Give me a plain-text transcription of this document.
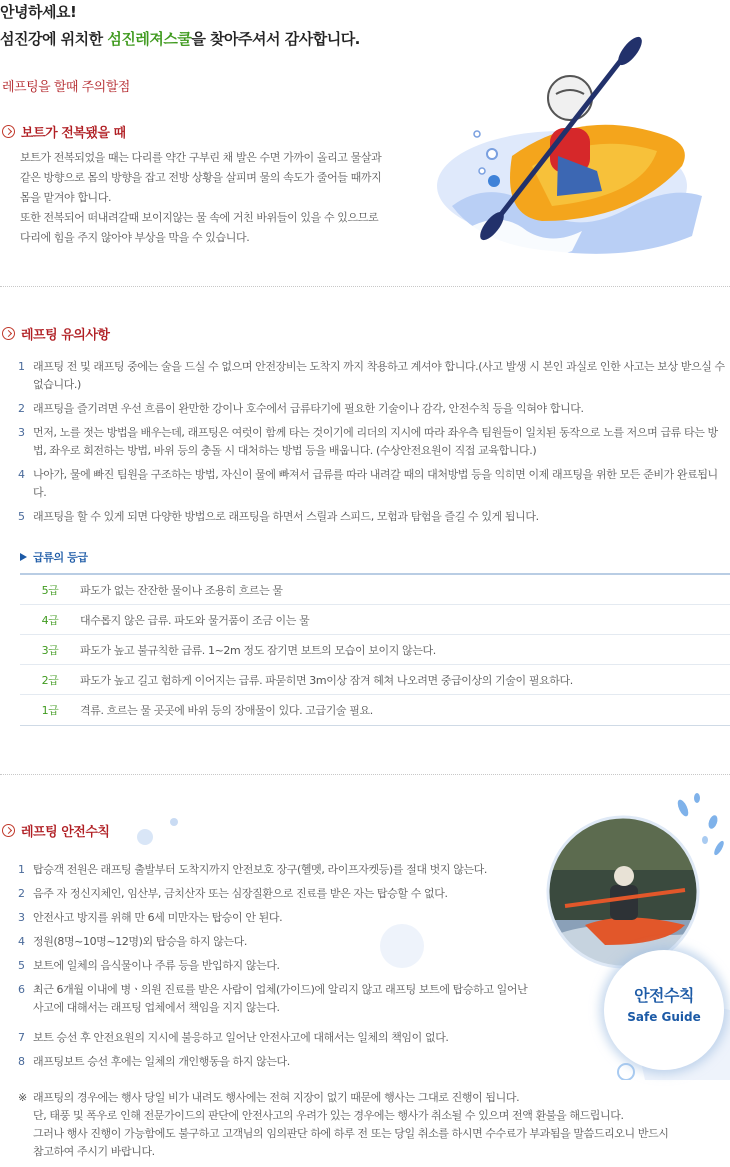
안녕하세요!
섬진강에 위치한 섬진레져스쿨을 찾아주셔서 감사합니다.
레프팅을 할때 주의할점
보트가 전복됐을 때

보트가 전복되었을 때는 다리를 약간 구부린 채 발은 수면 가까이 올리고 물살과

같은 방향으로 몸의 방향을 잡고 전방 상황을 살피며 물의 속도가 줄어들 때까지

몸을 맡겨야 합니다.

또한 전복되어 떠내려갈때 보이지않는 물 속에 거친 바위들이 있을 수 있으므로

다리에 힘을 주지 않아야 부상을 막을 수 있습니다.

레프팅 유의사항
1 래프팅 전 및 래프팅 중에는 술을 드실 수 없으며 안전장비는 도착지 까지 착용하고 계셔야 합니다.(사고 발생 시 본인 과실로 인한 사고는 보상 받으실 수 없습니다.)
2 래프팅을 즐기려면 우선 흐름이 완만한 강이나 호수에서 급류타기에 필요한 기술이나 감각, 안전수칙 등을 익혀야 합니다.
3 먼저, 노를 젓는 방법을 배우는데, 래프팅은 여럿이 함께 타는 것이기에 리더의 지시에 따라 좌우측 팀원들이 일치된 동작으로 노를 저으며 급류 타는 방법, 좌우로 회전하는 방법, 바위 등의 충돌 시 대처하는 방법 등을 배웁니다. (수상안전요원이 직접 교육합니다.)
4 나아가, 물에 빠진 팀원을 구조하는 방법, 자신이 물에 빠져서 급류를 따라 내려갈 때의 대처방법 등을 익히면 이제 래프팅을 위한 모든 준비가 완료됩니다.
5 래프팅을 할 수 있게 되면 다양한 방법으로 래프팅을 하면서 스릴과 스피드, 모험과 탐험을 즐길 수 있게 됩니다.
급류의 등급
5급	파도가 없는 잔잔한 물이나 조용히 흐르는 물
4급	대수롭지 않은 급류. 파도와 물거품이 조금 이는 물
3급	파도가 높고 불규칙한 급류. 1~2m 정도 잠기면 보트의 모습이 보이지 않는다.
2급	파도가 높고 길고 험하게 이어지는 급류. 파묻히면 3m이상 잠겨 헤쳐 나오려면 중급이상의 기술이 필요하다.
1급	격류. 흐르는 물 곳곳에 바위 등의 장애물이 있다. 고급기술 필요.
레프팅 안전수칙
안전수칙
Safe Guide
1 탑승객 전원은 래프팅 출발부터 도착지까지 안전보호 장구(헬멧, 라이프자켓등)를 절대 벗지 않는다.
2 음주 자 정신지체인, 임산부, 금치산자 또는 심장질환으로 진료를 받은 자는 탑승할 수 없다.
3 안전사고 방지를 위해 만 6세 미만자는 탑승이 안 된다.
4 정원(8명~10명~12명)외 탑승을 하지 않는다.
5 보트에 일체의 음식물이나 주류 등을 반입하지 않는다.
6 최근 6개월 이내에 병ㆍ의원 진료를 받은 사람이 업체(가이드)에 알리지 않고 래프팅 보트에 탑승하고 일어난 사고에 대해서는 래프팅 업체에서 책임을 지지 않는다.
7 보트 승선 후 안전요원의 지시에 불응하고 일어난 안전사고에 대해서는 일체의 책임이 없다.
8 래프팅보트 승선 후에는 일체의 개인행동을 하지 않는다.
※ 래프팅의 경우에는 행사 당일 비가 내려도 행사에는 전혀 지장이 없기 때문에 행사는 그대로 진행이 됩니다.
단, 태풍 및 폭우로 인해 전문가이드의 판단에 안전사고의 우려가 있는 경우에는 행사가 취소될 수 있으며 전액 환불을 해드립니다.
그러나 행사 진행이 가능함에도 불구하고 고객님의 임의판단 하에 하루 전 또는 당일 취소를 하시면 수수료가 부과됨을 말씀드리오니 반드시
참고하여 주시기 바랍니다.
